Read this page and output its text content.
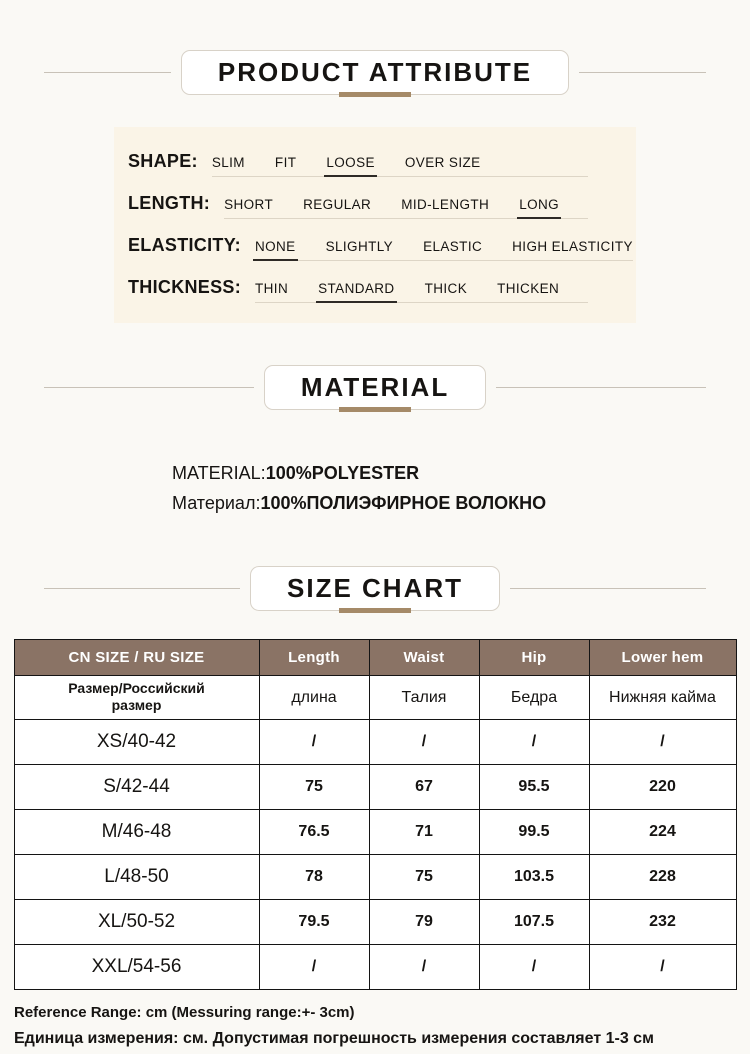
PRODUCT ATTRIBUTE
SHAPE: SLIM FIT LOOSE OVER SIZE
LENGTH: SHORT REGULAR MID-LENGTH LONG
ELASTICITY: NONE SLIGHTLY ELASTIC HIGH ELASTICITY
THICKNESS: THIN STANDARD THICK THICKEN
MATERIAL
MATERIAL:100%POLYESTER
Материал:100%ПОЛИЭФИРНОЕ ВОЛОКНО
SIZE CHART
CN SIZE / RU SIZE	Length	Waist	Hip	Lower hem
Размер/Российский размер	длина	Талия	Бедра	Нижняя кайма
XS/40-42	/	/	/	/
S/42-44	75	67	95.5	220
M/46-48	76.5	71	99.5	224
L/48-50	78	75	103.5	228
XL/50-52	79.5	79	107.5	232
XXL/54-56	/	/	/	/
Reference Range: cm (Messuring range:+- 3cm)
Единица измерения: см. Допустимая погрешность измерения составляет 1-3 см
